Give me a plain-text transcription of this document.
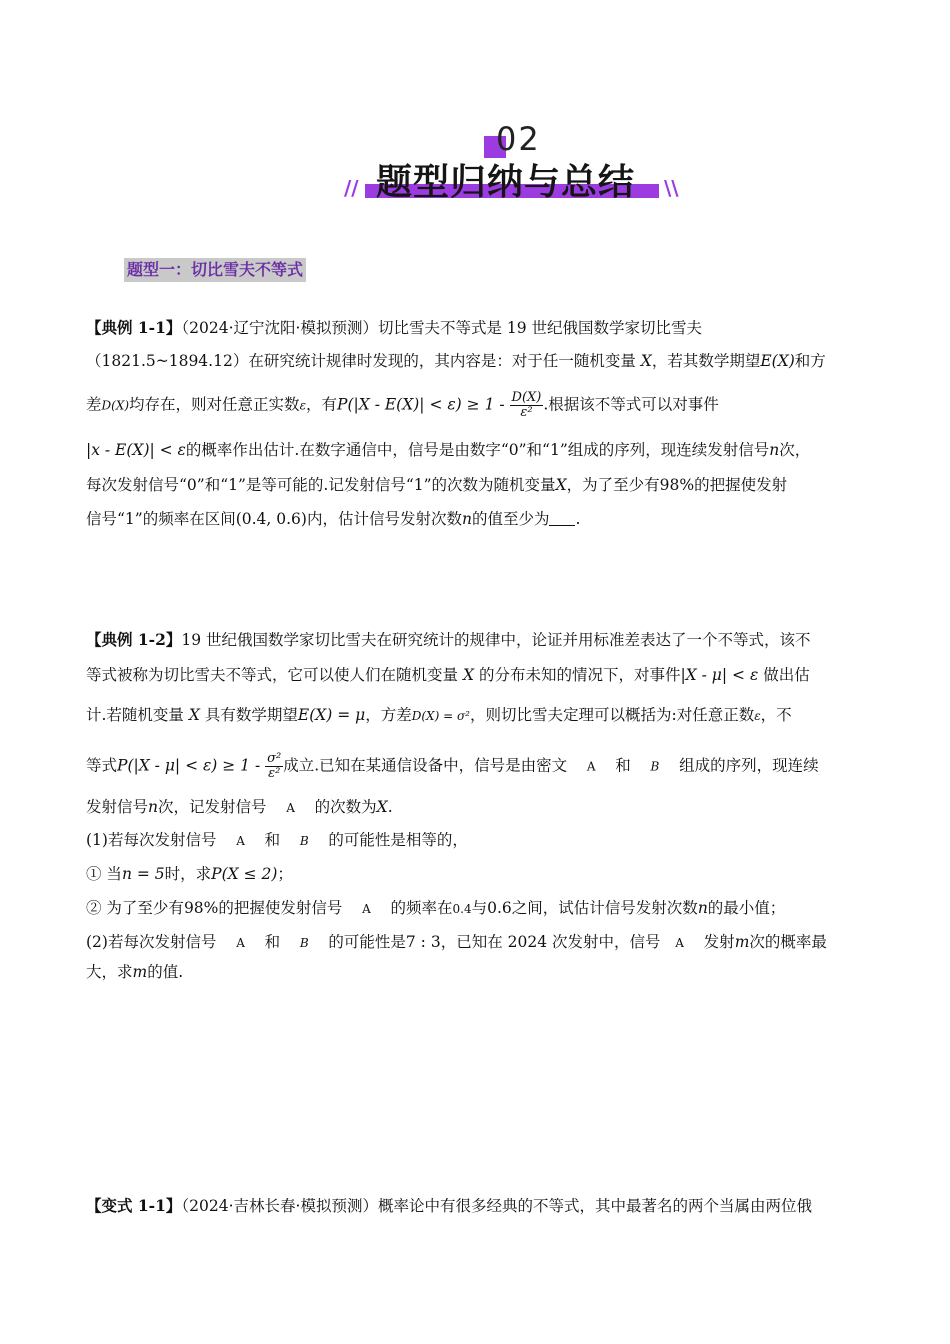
02
题型归纳与总结
//	\\
题型一：切比雪夫不等式
【典例 1-1】（2024·辽宁沈阳·模拟预测）切比雪夫不等式是 19 世纪俄国数学家切比雪夫
（1821.5~1894.12）在研究统计规律时发现的，其内容是：对于任一随机变量 X，若其数学期望E(X)和方
差D(X)均存在，则对任意正实数ε，有$P(|X - E(X)| < \varepsilon) \ge 1 - \frac{D(X)}{\text{ε²}}$ .根据该不等式可以对事件
|x - E(X)| < ε的概率作出估计.在数字通信中，信号是由数字“0”和“1”组成的序列，现连续发射信号n次，
每次发射信号“0”和“1”是等可能的.记发射信号“1”的次数为随机变量X，为了至少有98%的把握使发射
信号“1”的频率在区间(0.4, 0.6)内，估计信号发射次数n的值至少为 .
【典例 1-2】19 世纪俄国数学家切比雪夫在研究统计的规律中，论证并用标准差表达了一个不等式，该不
等式被称为切比雪夫不等式，它可以使人们在随机变量 X 的分布未知的情况下，对事件|X - μ| < ε 做出估
计.若随机变量 X 具有数学期望E(X) = μ，方差D(X) = σ²，则切比雪夫定理可以概括为:对任意正数ε，不
等式$P(|X - \mu| < \varepsilon) \ge 1 - \frac{\text{σ²}}{\text{ε²}}$ 成立.已知在某通信设备中，信号是由密文 A 和 B 组成的序列，现连续
发射信号n次，记发射信号 A 的次数为X.
(1)若每次发射信号 A 和 B 的可能性是相等的，
① 当n = 5时，求P(X ≤ 2)；
② 为了至少有98%的把握使发射信号 A 的频率在0.4与0.6之间，试估计信号发射次数n的最小值；
(2)若每次发射信号 A 和 B 的可能性是7 : 3，已知在 2024 次发射中，信号 A 发射m次的概率最
大，求m的值.
【变式 1-1】（2024·吉林长春·模拟预测）概率论中有很多经典的不等式，其中最著名的两个当属由两位俄
